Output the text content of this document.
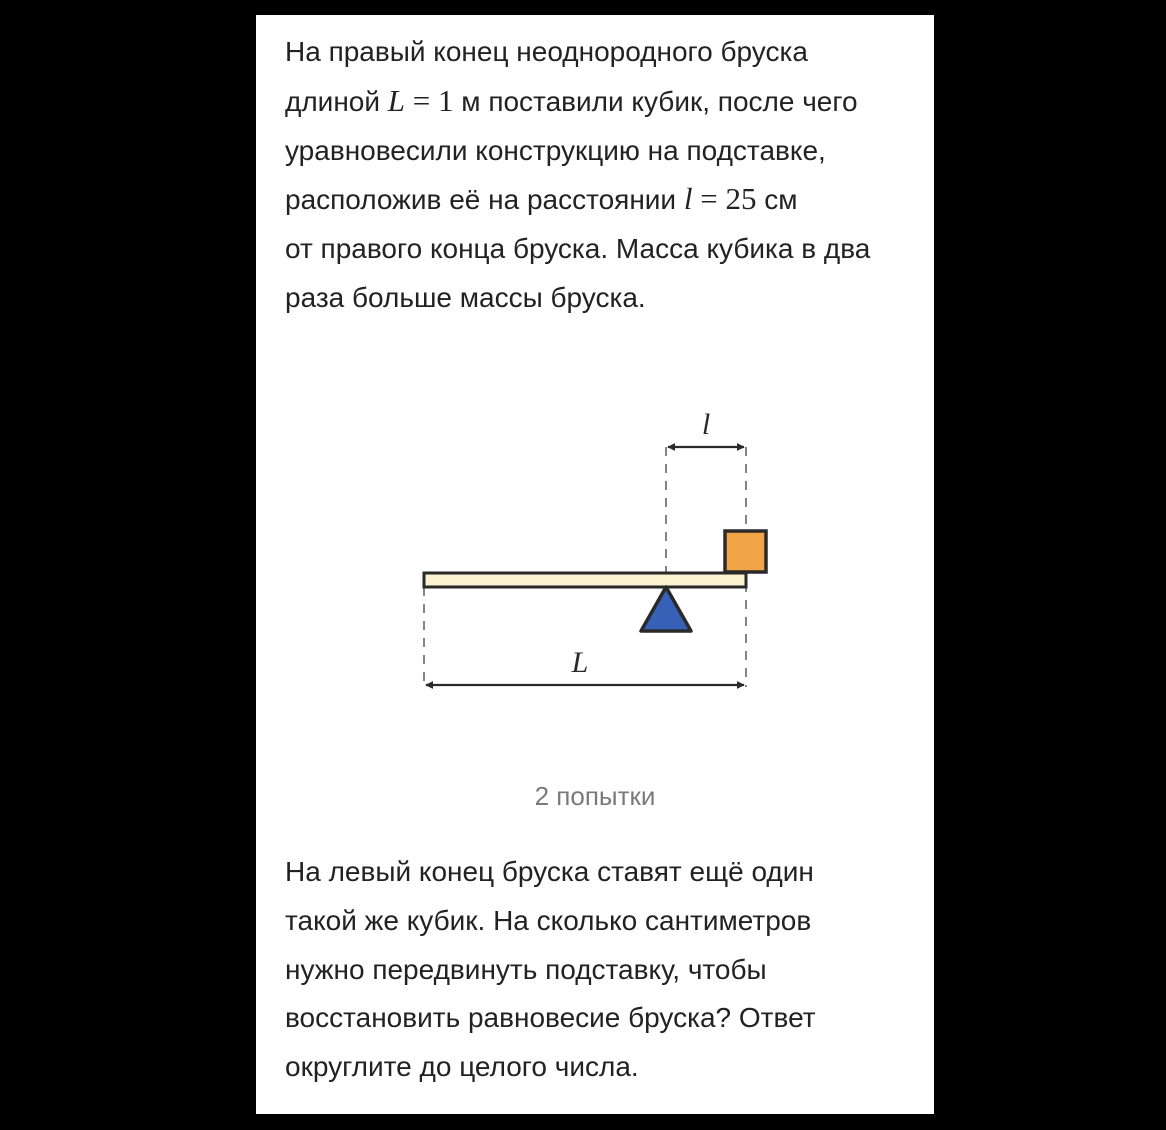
На правый конец неоднородного бруска
длиной L = 1 м поставили кубик, после чего
уравновесили конструкцию на подставке,
расположив её на расстоянии l = 25 см
от правого конца бруска. Масса кубика в два
раза больше массы бруска.

l
L
2 попытки

На левый конец бруска ставят ещё один
такой же кубик. На сколько сантиметров
нужно передвинуть подставку, чтобы
восстановить равновесие бруска? Ответ
округлите до целого числа.
